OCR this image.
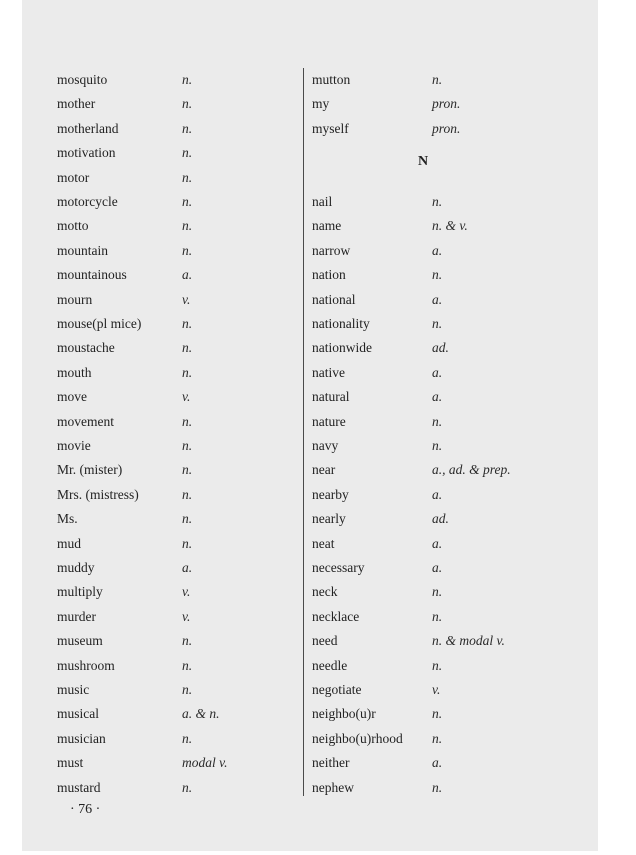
mosquito	n.
mother	n.
motherland	n.
motivation	n.
motor	n.
motorcycle	n.
motto	n.
mountain	n.
mountainous	a.
mourn	v.
mouse(pl mice)	n.
moustache	n.
mouth	n.
move	v.
movement	n.
movie	n.
Mr. (mister)	n.
Mrs. (mistress)	n.
Ms.	n.
mud	n.
muddy	a.
multiply	v.
murder	v.
museum	n.
mushroom	n.
music	n.
musical	a. & n.
musician	n.
must	modal v.
mustard	n.
mutton	n.
my	pron.
myself	pron.
nail	n.
name	n. & v.
narrow	a.
nation	n.
national	a.
nationality	n.
nationwide	ad.
native	a.
natural	a.
nature	n.
navy	n.
near	a., ad. & prep.
nearby	a.
nearly	ad.
neat	a.
necessary	a.
neck	n.
necklace	n.
need	n. & modal v.
needle	n.
negotiate	v.
neighbo(u)r	n.
neighbo(u)rhood n.
neither	a.
nephew	n.
N
· 76 ·
